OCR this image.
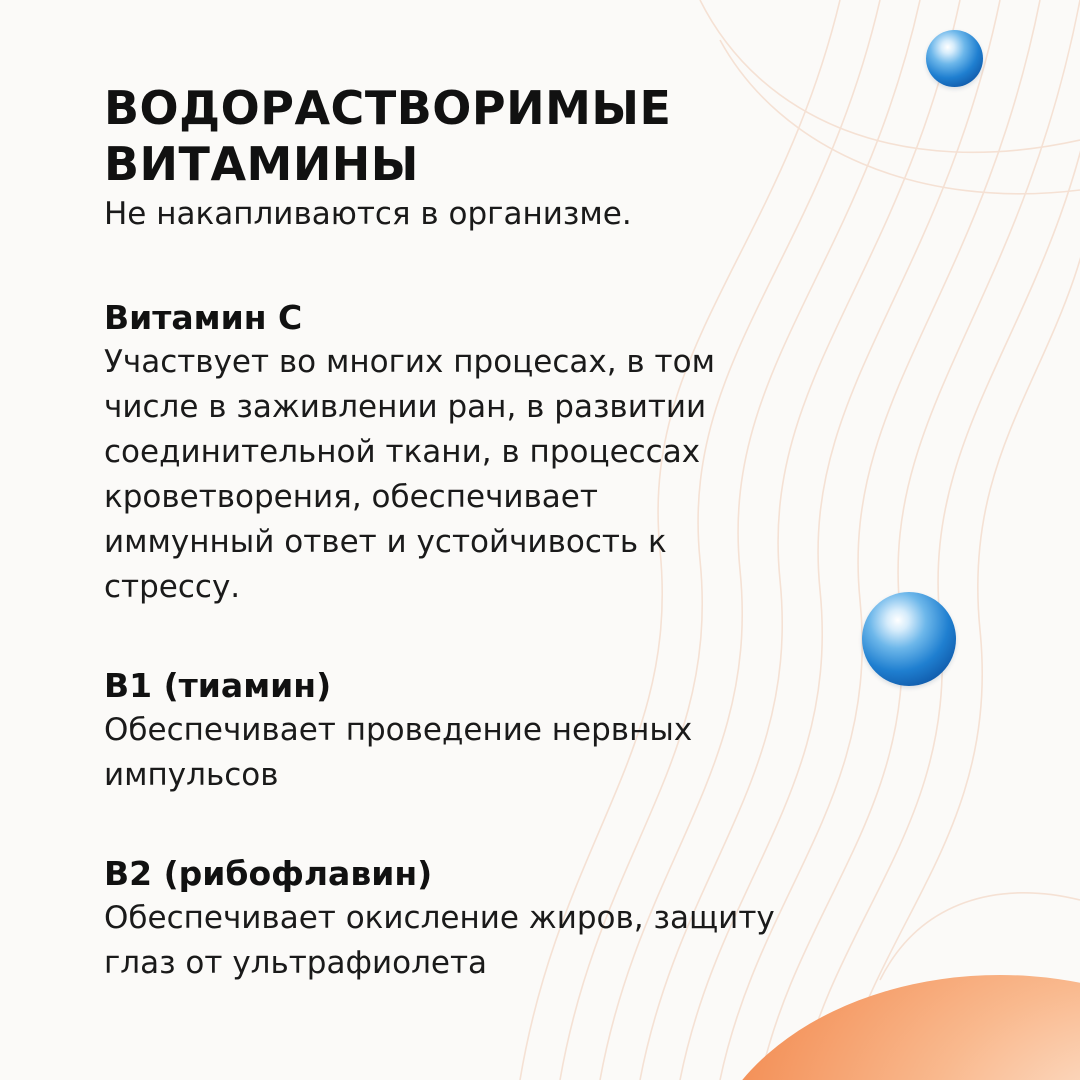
ВОДОРАСТВОРИМЫЕ
ВИТАМИНЫ

Не накапливаются в организме.

Витамин С

Участвует во многих процесах, в том
числе в заживлении ран, в развитии
соединительной ткани, в процессах
кроветворения, обеспечивает
иммунный ответ и устойчивость к
стрессу.

B1 (тиамин)

Обеспечивает проведение нервных
импульсов

B2 (рибофлавин)

Обеспечивает окисление жиров, защиту
глаз от ультрафиолета
